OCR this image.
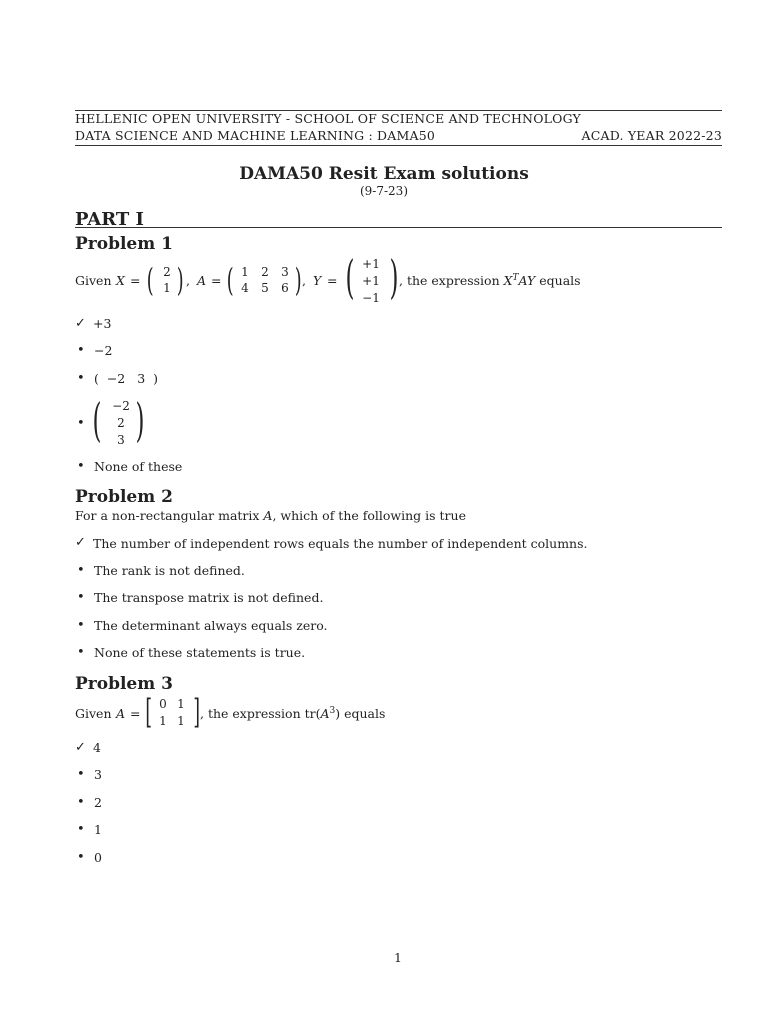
HELLENIC OPEN UNIVERSITY - SCHOOL OF SCIENCE AND TECHNOLOGY
DATA SCIENCE AND MACHINE LEARNING : DAMA50	ACAD. YEAR 2022-23
DAMA50 Resit Exam solutions
(9-7-23)
PART I
Problem 1
Given X = ( 2
1 ) , A = ( 1	2	3
4	5	6 ) , Y = ( +1
+1
−1 ) , the expression $X^TAY$ equals
✓ +3
• −2
• (  −2 3  )
• ( −2
2
3 )
• None of these
Problem 2
For a non-rectangular matrix A, which of the following is true
✓ The number of independent rows equals the number of independent columns.
• The rank is not defined.
• The transpose matrix is not defined.
• The determinant always equals zero.
• None of these statements is true.
Problem 3
Given A = [ 0 1
1 1 ] , the expression $tr(A^3)$ equals
✓ 4
• 3
• 2
• 1
• 0
1
